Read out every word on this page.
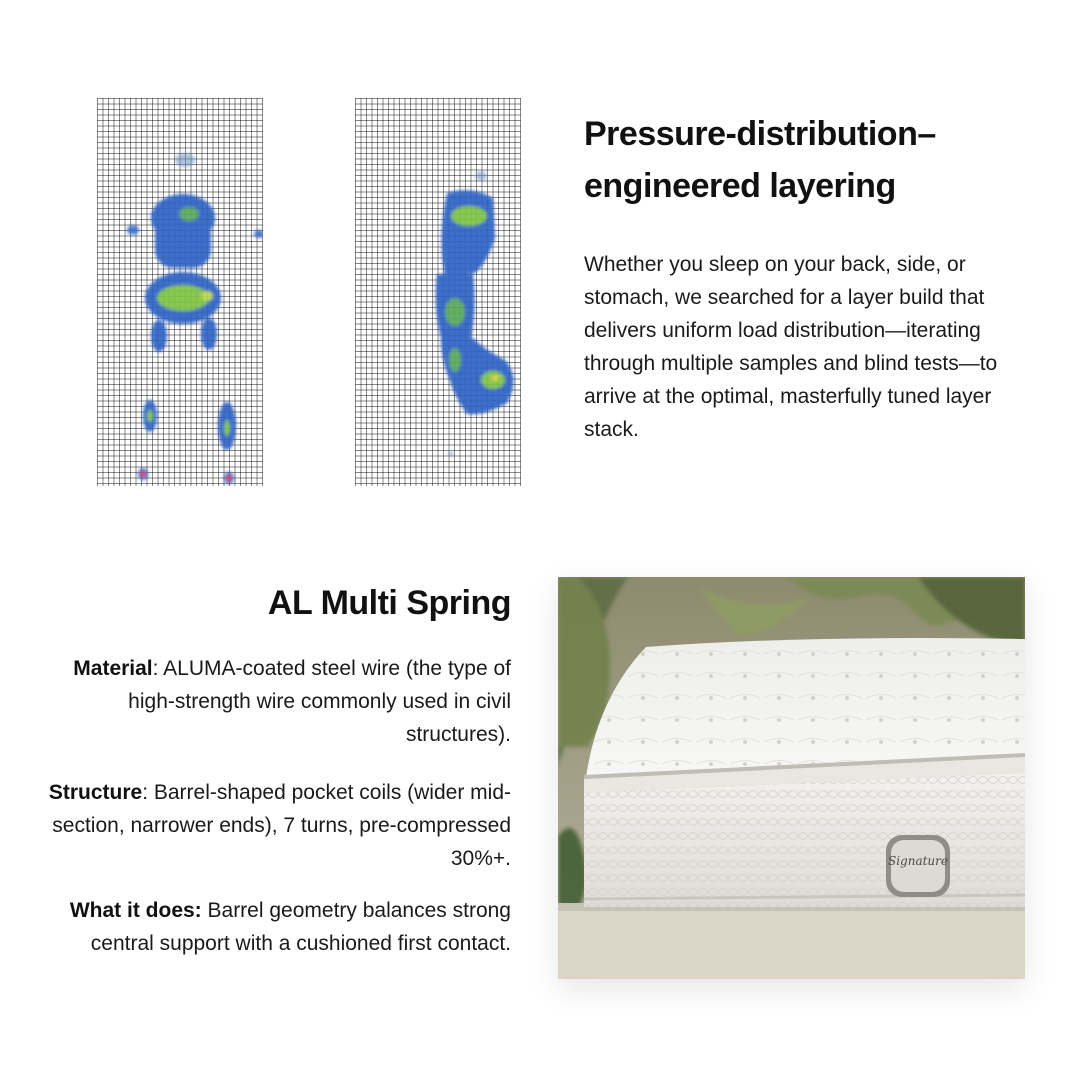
Pressure-distribution–engineered layering

Whether you sleep on your back, side, or stomach, we searched for a layer build that delivers uniform load distribution—iterating through multiple samples and blind tests—to arrive at the optimal, masterfully tuned layer stack.

AL Multi Spring

Material: ALUMA-coated steel wire (the type of high-strength wire commonly used in civil structures).

Structure: Barrel-shaped pocket coils (wider mid-section, narrower ends), 7 turns, pre-compressed 30%+.

What it does: Barrel geometry balances strong central support with a cushioned first contact.

Signature
